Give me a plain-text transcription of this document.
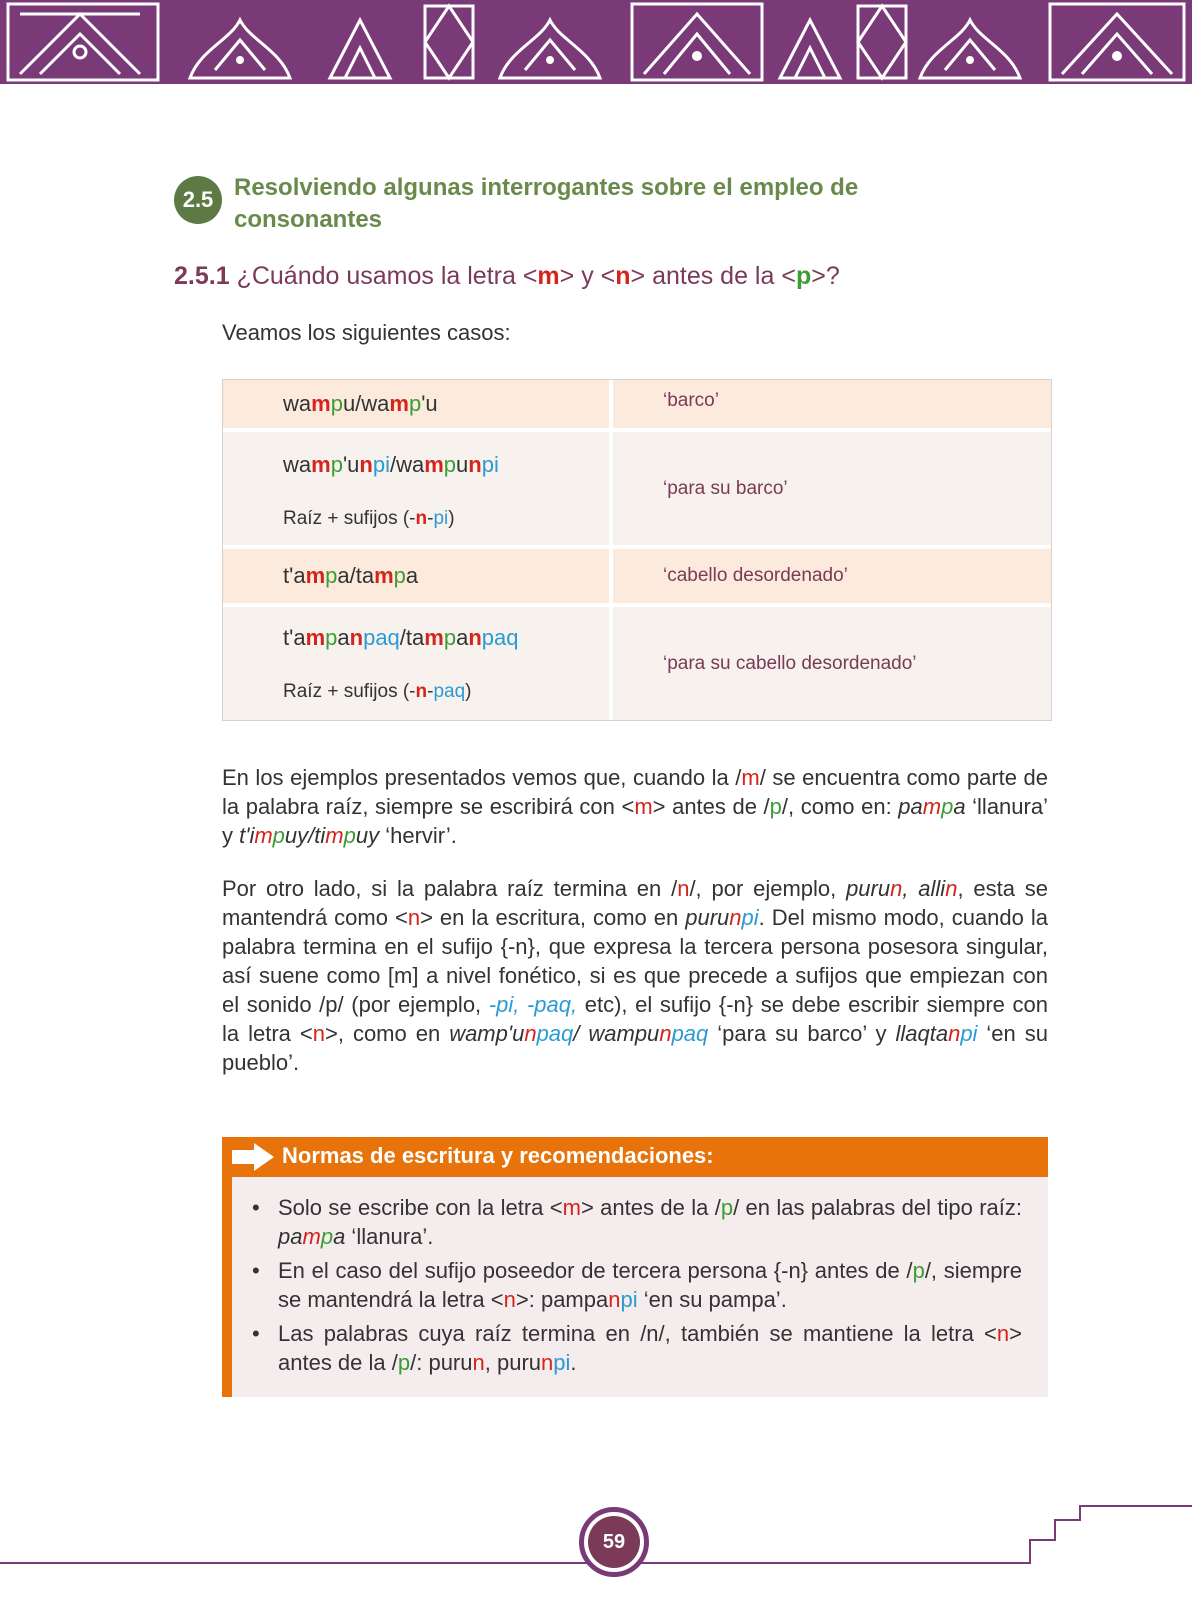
2.5 Resolviendo algunas interrogantes sobre el empleo de consonantes
2.5.1 ¿Cuándo usamos la letra <m> y <n> antes de la <p>?
Veamos los siguientes casos:
wampu/wamp'u	‘barco’
wamp'unpi/wampunpi
Raíz + sufijos (-n-pi)
‘para su barco’
t'ampa/tampa	‘cabello desordenado’
t'ampanpaq/tampanpaq
Raíz + sufijos (-n-paq)
‘para su cabello desordenado’

En los ejemplos presentados vemos que, cuando la /m/ se encuentra como parte de la palabra raíz, siempre se escribirá con <m> antes de /p/, como en: pampa ‘llanura’ y t'impuy/timpuy ‘hervir’.

Por otro lado, si la palabra raíz termina en /n/, por ejemplo, purun, allin, esta se mantendrá como <n> en la escritura, como en purunpi. Del mismo modo, cuando la palabra termina en el sufijo {-n}, que expresa la tercera persona posesora singular, así suene como [m] a nivel fonético, si es que precede a sufijos que empiezan con el sonido /p/ (por ejemplo, -pi, -paq, etc), el sufijo {-n} se debe escribir siempre con la letra <n>, como en wamp'unpaq/ wampunpaq ‘para su barco’ y llaqtanpi ‘en su pueblo’.

Normas de escritura y recomendaciones:
• Solo se escribe con la letra <m> antes de la /p/ en las palabras del tipo raíz: pampa ‘llanura’.
• En el caso del sufijo poseedor de tercera persona {-n} antes de /p/, siempre se mantendrá la letra <n>: pampanpi ‘en su pampa’.
• Las palabras cuya raíz termina en /n/, también se mantiene la letra <n> antes de la /p/: purun, purunpi.
59
